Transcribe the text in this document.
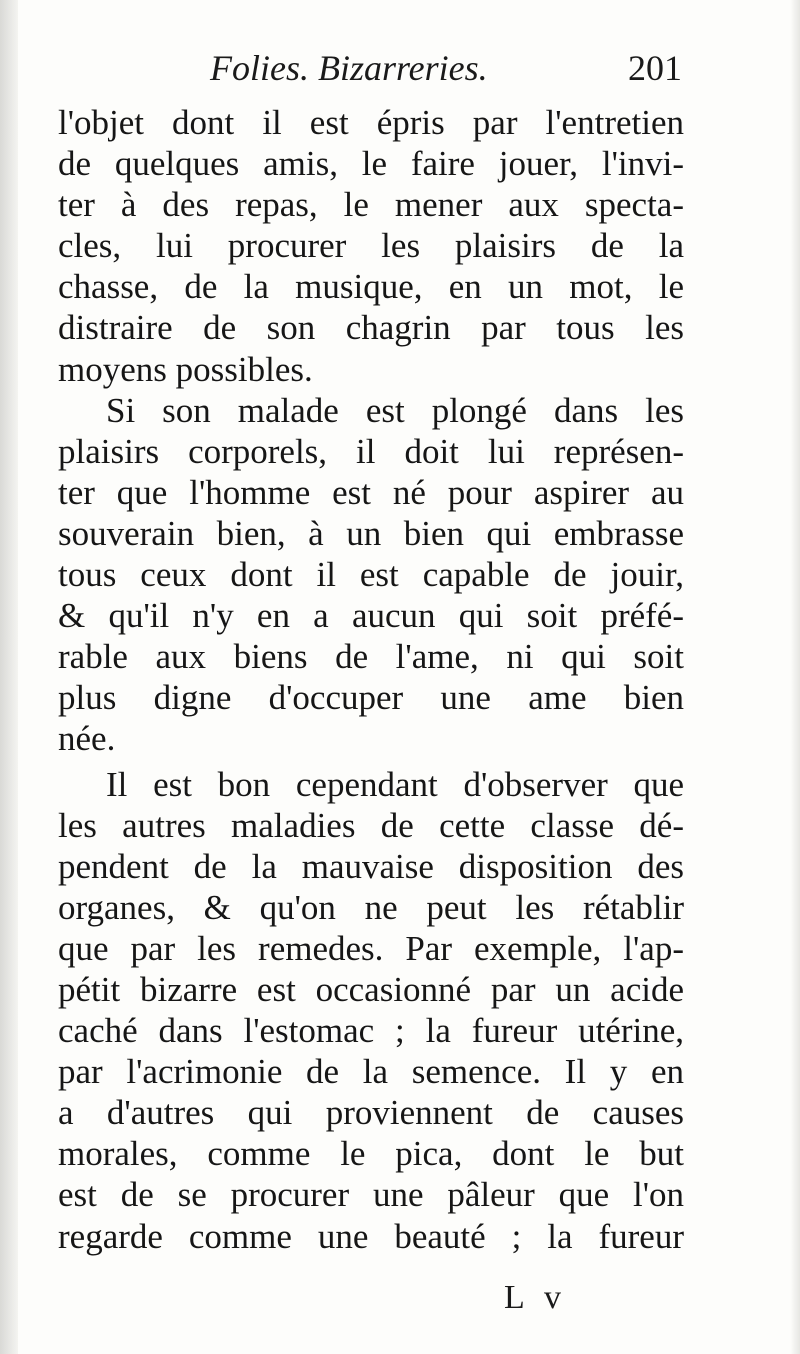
Folies. Bizarreries.	201
l'objet dont il est épris par l'entretien
de quelques amis, le faire jouer, l'invi-
ter à des repas, le mener aux specta-
cles, lui procurer les plaisirs de la
chasse, de la musique, en un mot, le
distraire de son chagrin par tous les
moyens possibles.
Si son malade est plongé dans les
plaisirs corporels, il doit lui représen-
ter que l'homme est né pour aspirer au
souverain bien, à un bien qui embrasse
tous ceux dont il est capable de jouir,
& qu'il n'y en a aucun qui soit préfé-
rable aux biens de l'ame, ni qui soit
plus digne d'occuper une ame bien
née.
Il est bon cependant d'observer que
les autres maladies de cette classe dé-
pendent de la mauvaise disposition des
organes, & qu'on ne peut les rétablir
que par les remedes. Par exemple, l'ap-
pétit bizarre est occasionné par un acide
caché dans l'estomac ; la fureur utérine,
par l'acrimonie de la semence. Il y en
a d'autres qui proviennent de causes
morales, comme le pica, dont le but
est de se procurer une pâleur que l'on
regarde comme une beauté ; la fureur
L v
